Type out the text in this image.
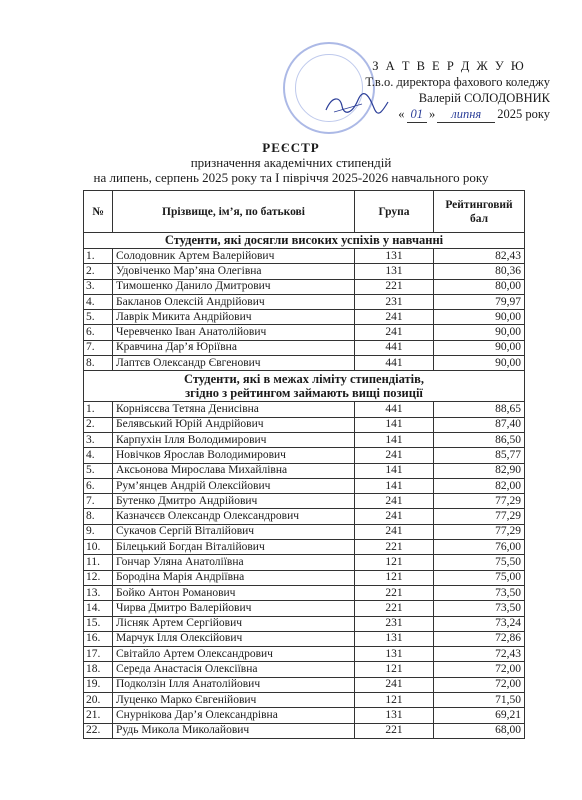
З А Т В Е Р Д Ж У Ю
Т.в.о. директора фахового коледжу
Валерій СОЛОДОВНИК
« 01 »	липня	2025 року
РЕЄСТР
призначення академічних стипендій
на липень, серпень 2025 року та І півріччя 2025-2026 навчального року
№	Прізвище, ім’я, по батькові	Група	Рейтинговий бал
Студенти, які досягли високих успіхів у навчанні			
1.	Солодовник Артем Валерійович	131	82,43
2.	Удовіченко Мар’яна Олегівна	131	80,36
3.	Тимошенко Данило Дмитрович	221	80,00
4.	Бакланов Олексій Андрійович	231	79,97
5.	Лаврік Микита Андрійович	241	90,00
6.	Черевченко Іван Анатолійович	241	90,00
7.	Кравчина Дар’я Юріївна	441	90,00
8.	Лаптєв Олександр Євгенович	441	90,00

Студенти, які в межах ліміту стипендіатів,
згідно з рейтингом займають вищі позиції			

1.	Корніясєва Тетяна Денисівна	441	88,65
2.	Белявський Юрій Андрійович	141	87,40
3.	Карпухін Ілля Володимирович	141	86,50
4.	Новічков Ярослав Володимирович	241	85,77
5.	Аксьонова Мирослава Михайлівна	141	82,90
6.	Рум’янцев Андрій Олексійович	141	82,00
7.	Бутенко Дмитро Андрійович	241	77,29
8.	Казначєєв Олександр Олександрович	241	77,29
9.	Сукачов Сергій Віталійович	241	77,29
10.	Білецький Богдан Віталійович	221	76,00
11.	Гончар Уляна Анатоліївна	121	75,50
12.	Бородіна Марія Андріївна	121	75,00
13.	Бойко Антон Романович	221	73,50
14.	Чирва Дмитро Валерійович	221	73,50
15.	Лісняк Артем Сергійович	231	73,24
16.	Марчук Ілля Олексійович	131	72,86
17.	Світайло Артем Олександрович	131	72,43
18.	Середа Анастасія Олексіївна	121	72,00
19.	Подколзін Ілля Анатолійович	241	72,00
20.	Луценко Марко Євгенійович	121	71,50
21.	Снурнікова Дар’я Олександрівна	131	69,21
22.	Рудь Микола Миколайович	221	68,00
